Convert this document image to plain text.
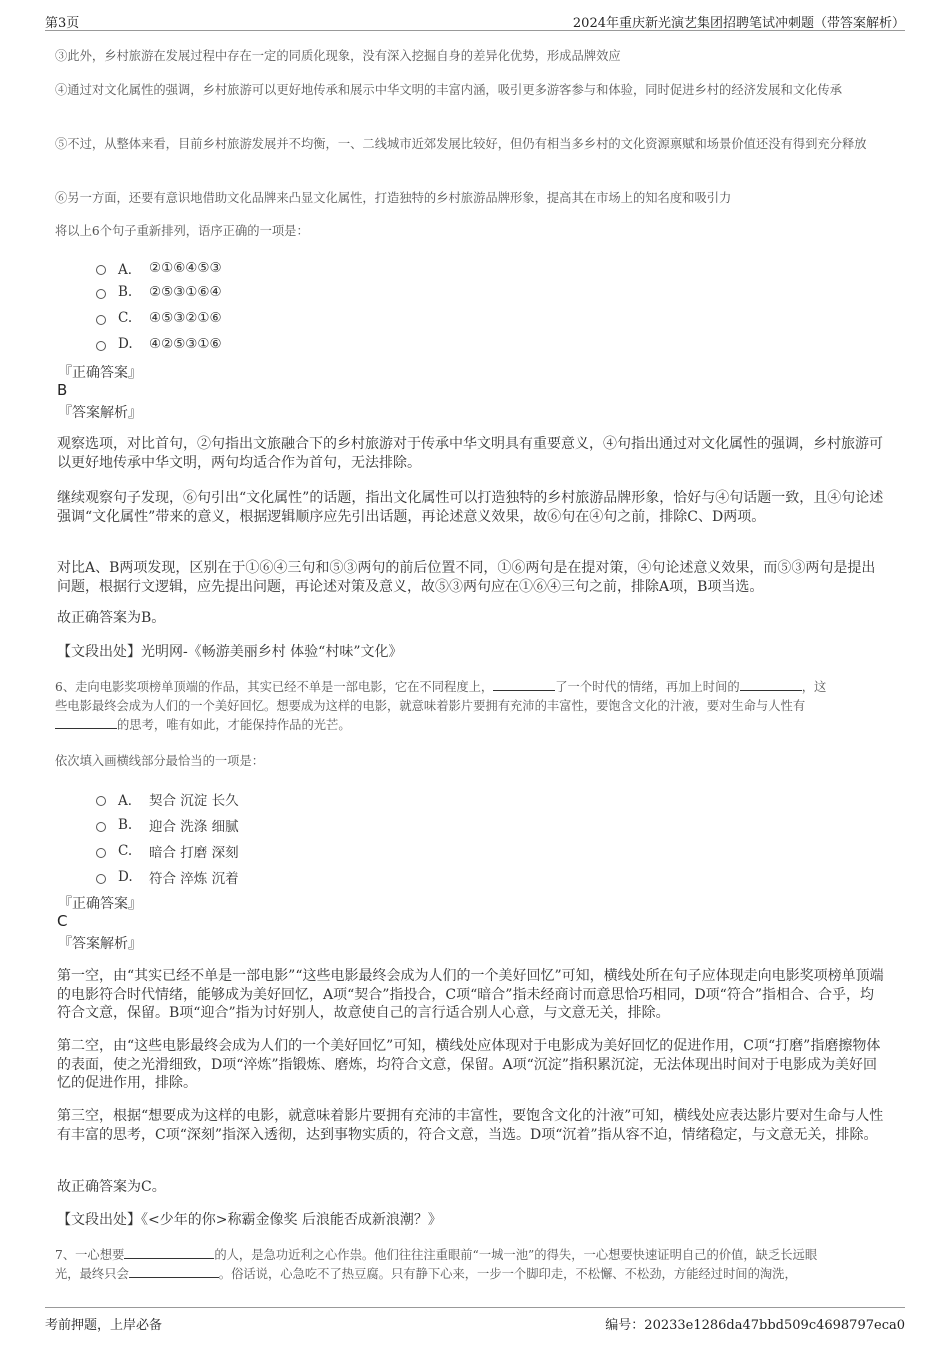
第3页	2024年重庆新光演艺集团招聘笔试冲刺题（带答案解析）
③此外，乡村旅游在发展过程中存在一定的同质化现象，没有深入挖掘自身的差异化优势，形成品牌效应
④通过对文化属性的强调，乡村旅游可以更好地传承和展示中华文明的丰富内涵，吸引更多游客参与和体验，同时促进乡村的经济发展和文化传承
⑤不过，从整体来看，目前乡村旅游发展并不均衡，一、二线城市近郊发展比较好，但仍有相当多乡村的文化资源禀赋和场景价值还没有得到充分释放
⑥另一方面，还要有意识地借助文化品牌来凸显文化属性，打造独特的乡村旅游品牌形象，提高其在市场上的知名度和吸引力
将以上6个句子重新排列，语序正确的一项是：
A． ②①⑥④⑤③
B.	②⑤③①⑥④
C.	④⑤③②①⑥
D.	④②⑤③①⑥
『正确答案』
B
『答案解析』
观察选项，对比首句，②句指出文旅融合下的乡村旅游对于传承中华文明具有重要意义，④句指出通过对文化属性的强调，乡村旅游可以更好地传承中华文明，两句均适合作为首句，无法排除。
继续观察句子发现，⑥句引出“文化属性”的话题，指出文化属性可以打造独特的乡村旅游品牌形象，恰好与④句话题一致，且④句论述强调“文化属性”带来的意义，根据逻辑顺序应先引出话题，再论述意义效果，故⑥句在④句之前，排除C、D两项。
对比A、B两项发现，区别在于①⑥④三句和⑤③两句的前后位置不同，①⑥两句是在提对策，④句论述意义效果，而⑤③两句是提出问题，根据行文逻辑，应先提出问题，再论述对策及意义，故⑤③两句应在①⑥④三句之前，排除A项，B项当选。
故正确答案为B。
【文段出处】光明网-《畅游美丽乡村 体验“村味”文化》
6、走向电影奖项榜单顶端的作品，其实已经不单是一部电影，它在不同程度上，	了一个时代的情绪，再加上时间的	，这
些电影最终会成为人们的一个美好回忆。想要成为这样的电影，就意味着影片要拥有充沛的丰富性，要饱含文化的汁液，要对生命与人性有
的思考，唯有如此，才能保持作品的光芒。
依次填入画横线部分最恰当的一项是：
A． 契合 沉淀 长久
B.	迎合 洗涤 细腻
C.	暗合 打磨 深刻
D.	符合 淬炼 沉着
『正确答案』
C
『答案解析』
第一空，由“其实已经不单是一部电影”“这些电影最终会成为人们的一个美好回忆”可知，横线处所在句子应体现走向电影奖项榜单顶端的电影符合时代情绪，能够成为美好回忆，A项“契合”指投合，C项“暗合”指未经商讨而意思恰巧相同，D项“符合”指相合、合乎，均符合文意，保留。B项“迎合”指为讨好别人，故意使自己的言行适合别人心意，与文意无关，排除。
第二空，由“这些电影最终会成为人们的一个美好回忆”可知，横线处应体现对于电影成为美好回忆的促进作用，C项“打磨”指磨擦物体的表面，使之光滑细致，D项“淬炼”指锻炼、磨炼，均符合文意，保留。A项“沉淀”指积累沉淀，无法体现出时间对于电影成为美好回忆的促进作用，排除。
第三空，根据“想要成为这样的电影，就意味着影片要拥有充沛的丰富性，要饱含文化的汁液”可知，横线处应表达影片要对生命与人性有丰富的思考，C项“深刻”指深入透彻，达到事物实质的，符合文意，当选。D项“沉着”指从容不迫，情绪稳定，与文意无关，排除。
故正确答案为C。
【文段出处】《<少年的你>称霸金像奖 后浪能否成新浪潮？》
7、一心想要	的人，是急功近利之心作祟。他们往往注重眼前“一城一池”的得失，一心想要快速证明自己的价值，缺乏长远眼
光，最终只会	。俗话说，心急吃不了热豆腐。只有静下心来，一步一个脚印走，不松懈、不松劲，方能经过时间的淘洗，
考前押题，上岸必备	编号：20233e1286da47bbd509c4698797eca0
